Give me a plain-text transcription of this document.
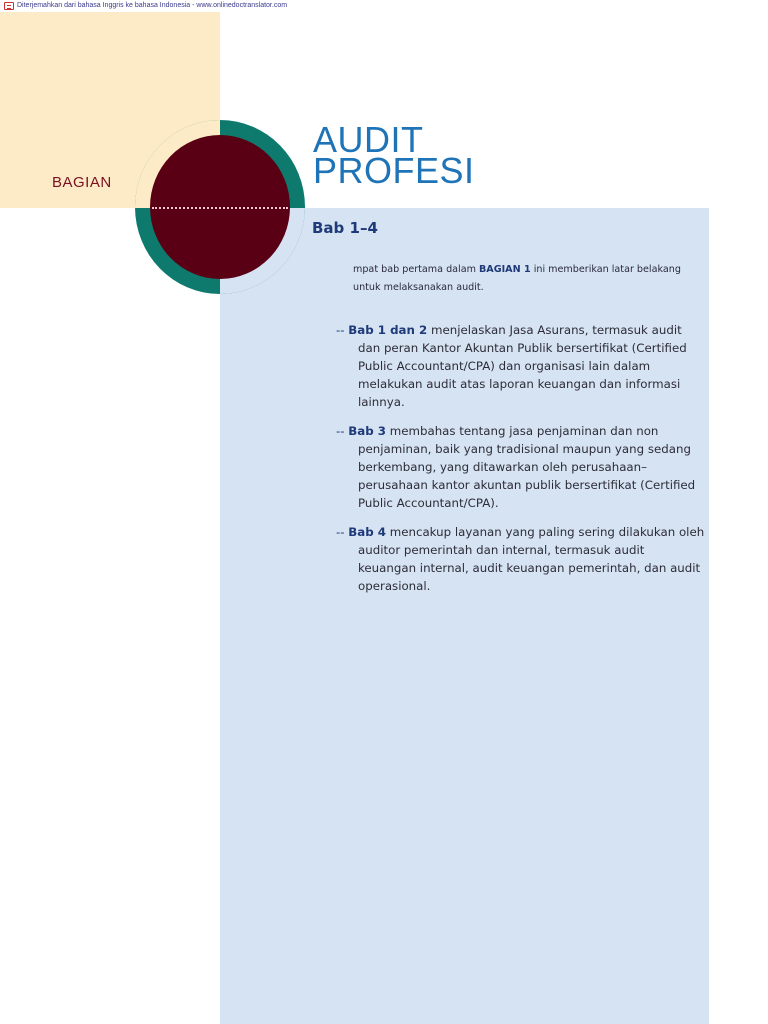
Diterjemahkan dari bahasa Inggris ke bahasa Indonesia - www.onlinedoctranslator.com
BAGIAN
AUDIT
PROFESI
Bab 1–4

mpat bab pertama dalam BAGIAN 1 ini memberikan latar belakang untuk melaksanakan audit.

-- Bab 1 dan 2 menjelaskan Jasa Asurans, termasuk audit dan peran Kantor Akuntan Publik bersertifikat (Certified Public Accountant/CPA) dan organisasi lain dalam melakukan audit atas laporan keuangan dan informasi lainnya.
-- Bab 3 membahas tentang jasa penjaminan dan non penjaminan, baik yang tradisional maupun yang sedang berkembang, yang ditawarkan oleh perusahaan– perusahaan kantor akuntan publik bersertifikat (Certified Public Accountant/CPA).
-- Bab 4 mencakup layanan yang paling sering dilakukan oleh auditor pemerintah dan internal, termasuk audit keuangan internal, audit keuangan pemerintah, dan audit operasional.
